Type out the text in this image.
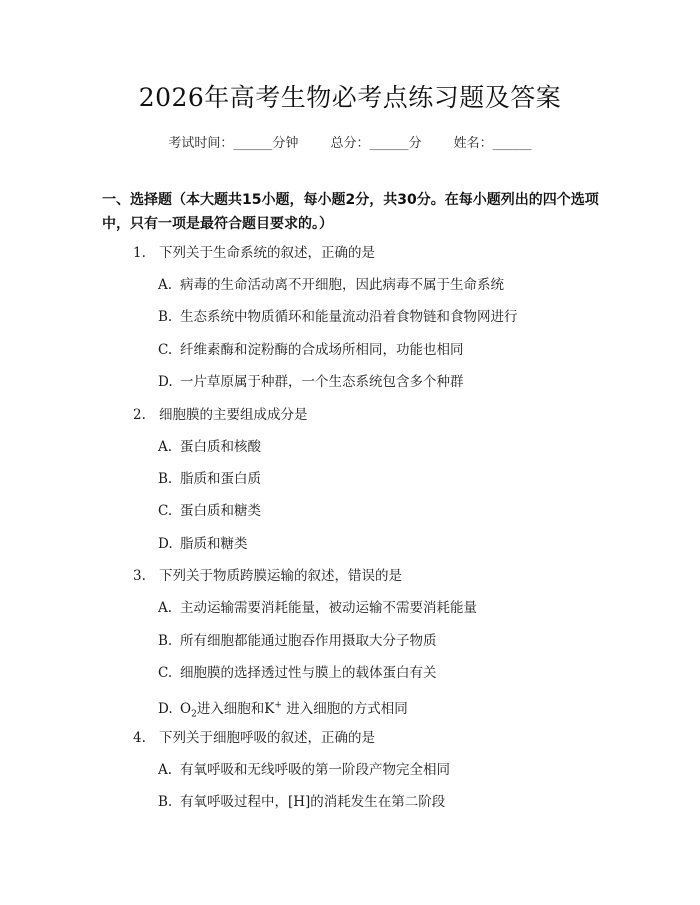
2026年高考生物必考点练习题及答案
考试时间：______分钟 总分：______分 姓名：______
一、选择题（本大题共15小题，每小题2分，共30分。在每小题列出的四个选项中，只有一项是最符合题目要求的。）
1. 下列关于生命系统的叙述，正确的是
A. 病毒的生命活动离不开细胞，因此病毒不属于生命系统
B. 生态系统中物质循环和能量流动沿着食物链和食物网进行
C. 纤维素酶和淀粉酶的合成场所相同，功能也相同
D. 一片草原属于种群，一个生态系统包含多个种群
2. 细胞膜的主要组成成分是
A. 蛋白质和核酸
B. 脂质和蛋白质
C. 蛋白质和糖类
D. 脂质和糖类
3. 下列关于物质跨膜运输的叙述，错误的是
A. 主动运输需要消耗能量，被动运输不需要消耗能量
B. 所有细胞都能通过胞吞作用摄取大分子物质
C. 细胞膜的选择透过性与膜上的载体蛋白有关
D. $O_2$进入细胞和K+ 进入细胞的方式相同
4. 下列关于细胞呼吸的叙述，正确的是
A. 有氧呼吸和无线呼吸的第一阶段产物完全相同
B. 有氧呼吸过程中，[H]的消耗发生在第二阶段
